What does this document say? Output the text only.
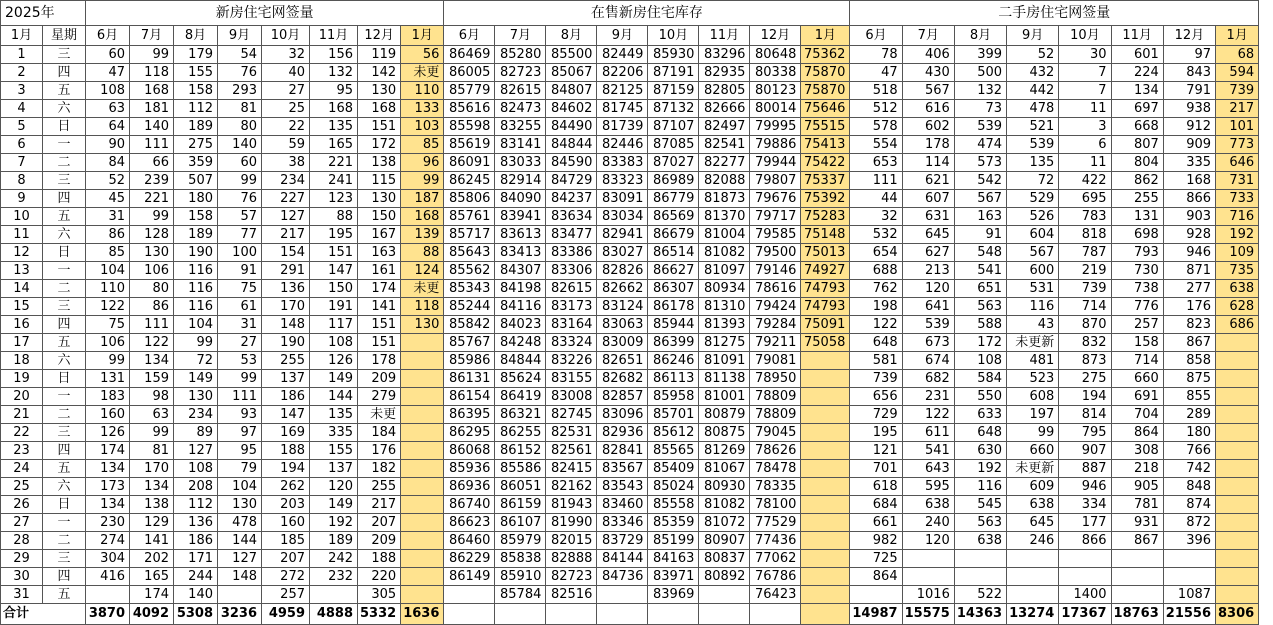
2025年		新房住宅网签量								在售新房住宅库存								二手房住宅网签量							
1月	星期	6月	7月	8月	9月	10月	11月	12月	1月	6月	7月	8月	9月	10月	11月	12月	1月	6月	7月	8月	9月	10月	11月	12月	1月
1	三	60	99	179	54	32	156	119	56	86469	85280	85500	82449	85930	83296	80648	75362	78	406	399	52	30	601	97	68
2	四	47	118	155	76	40	132	142	未更	86005	82723	85067	82206	87191	82935	80338	75870	47	430	500	432	7	224	843	594
3	五	108	168	158	293	27	95	130	110	85779	82615	84807	82125	87159	82805	80123	75870	518	567	132	442	7	134	791	739
4	六	63	181	112	81	25	168	168	133	85616	82473	84602	81745	87132	82666	80014	75646	512	616	73	478	11	697	938	217
5	日	64	140	189	80	22	135	151	103	85598	83255	84490	81739	87107	82497	79995	75515	578	602	539	521	3	668	912	101
6	一	90	111	275	140	59	165	172	85	85619	83141	84844	82446	87085	82541	79886	75413	554	178	474	539	6	807	909	773
7	二	84	66	359	60	38	221	138	96	86091	83033	84590	83383	87027	82277	79944	75422	653	114	573	135	11	804	335	646
8	三	52	239	507	99	234	241	115	99	86245	82914	84729	83323	86989	82088	79807	75337	111	621	542	72	422	862	168	731
9	四	45	221	180	76	227	123	130	187	85806	84090	84237	83091	86779	81873	79676	75392	44	607	567	529	695	255	866	733
10	五	31	99	158	57	127	88	150	168	85761	83941	83634	83034	86569	81370	79717	75283	32	631	163	526	783	131	903	716
11	六	86	128	189	77	217	195	167	139	85717	83613	83477	82941	86679	81004	79585	75148	532	645	91	604	818	698	928	192
12	日	85	130	190	100	154	151	163	88	85643	83413	83386	83027	86514	81082	79500	75013	654	627	548	567	787	793	946	109
13	一	104	106	116	91	291	147	161	124	85562	84307	83306	82826	86627	81097	79146	74927	688	213	541	600	219	730	871	735
14	二	110	80	116	75	136	150	174	未更	85343	84198	82615	82662	86307	80934	78616	74793	762	120	651	531	739	738	277	638
15	三	122	86	116	61	170	191	141	118	85244	84116	83173	83124	86178	81310	79424	74793	198	641	563	116	714	776	176	628
16	四	75	111	104	31	148	117	151	130	85842	84023	83164	83063	85944	81393	79284	75091	122	539	588	43	870	257	823	686
17	五	106	122	99	27	190	108	151		85767	84248	83324	83009	86399	81275	79211	75058	648	673	172	未更新	832	158	867	
18	六	99	134	72	53	255	126	178		85986	84844	83226	82651	86246	81091	79081		581	674	108	481	873	714	858	
19	日	131	159	149	99	137	149	209		86131	85624	83155	82682	86113	81138	78950		739	682	584	523	275	660	875	
20	一	183	98	130	111	186	144	279		86154	86419	83008	82857	85958	81001	78809		656	231	550	608	194	691	855	
21	二	160	63	234	93	147	135	未更		86395	86321	82745	83096	85701	80879	78809		729	122	633	197	814	704	289	
22	三	126	99	89	97	169	335	184		86295	86255	82531	82936	85612	80875	79045		195	611	648	99	795	864	180	
23	四	174	81	127	95	188	155	176		86068	86152	82561	82841	85565	81269	78626		121	541	630	660	907	308	766	
24	五	134	170	108	79	194	137	182		85936	85586	82415	83567	85409	81067	78478		701	643	192	未更新	887	218	742	
25	六	173	134	208	104	262	120	255		86936	86051	82162	83543	85024	80930	78335		618	595	116	609	946	905	848	
26	日	134	138	112	130	203	149	217		86740	86159	81943	83460	85558	81082	78100		684	638	545	638	334	781	874	
27	一	230	129	136	478	160	192	207		86623	86107	81990	83346	85359	81072	77529		661	240	563	645	177	931	872	
28	二	274	141	186	144	185	189	209		86460	85979	82015	83729	85199	80907	77436		982	120	638	246	866	867	396	
29	三	304	202	171	127	207	242	188		86229	85838	82888	84144	84163	80837	77062		725							
30	四	416	165	244	148	272	232	220		86149	85910	82723	84736	83971	80892	76786		864							
31	五		174	140		257		305			85784	82516		83969		76423			1016	522		1400		1087	
合计		3870	4092	5308	3236	4959	4888	5332	1636									14987	15575	14363	13274	17367	18763	21556	8306
